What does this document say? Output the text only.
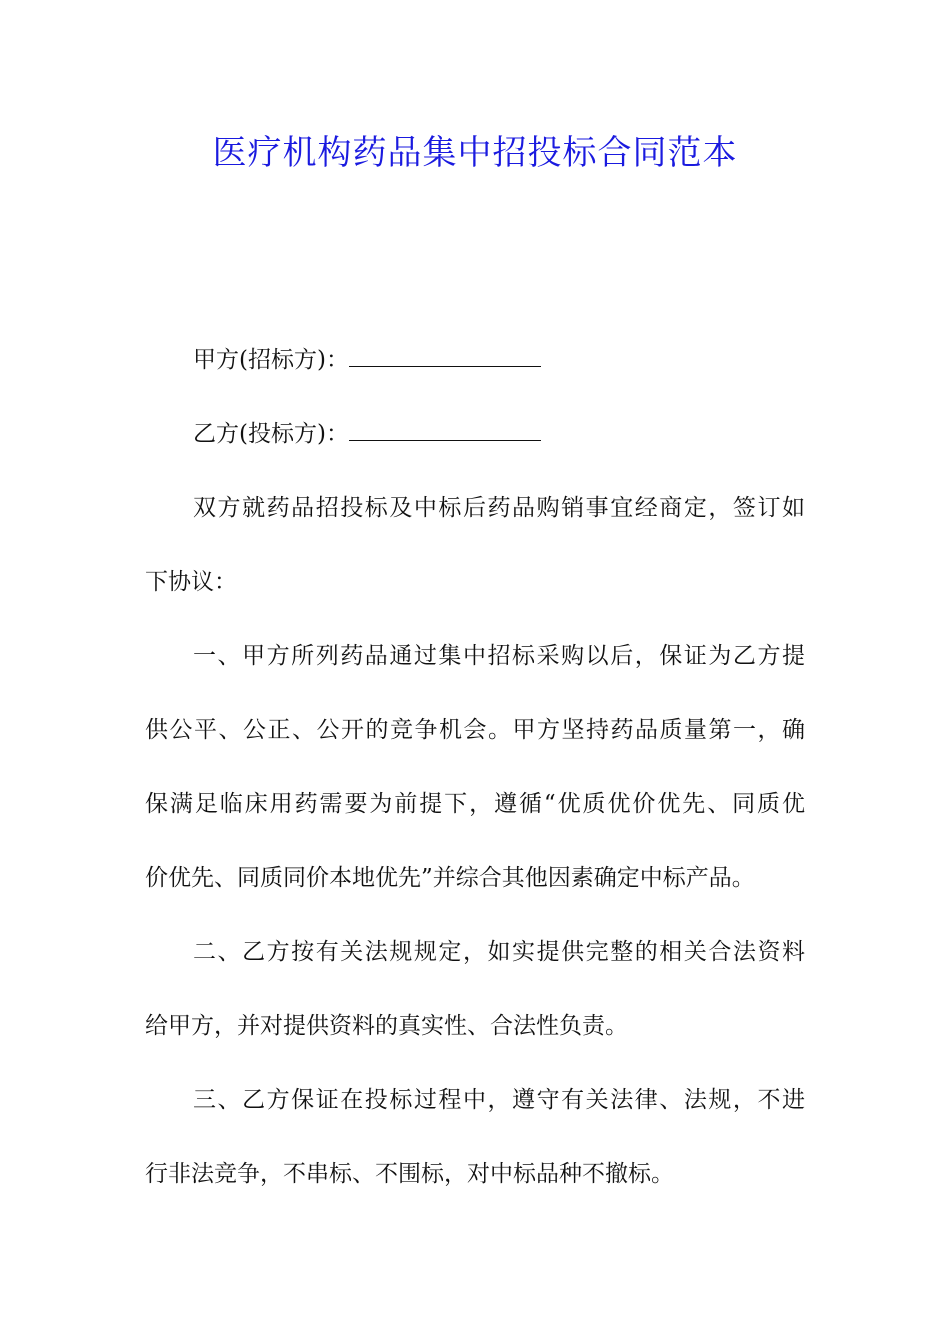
医疗机构药品集中招投标合同范本
甲方(招标方)：
乙方(投标方)：
双方就药品招投标及中标后药品购销事宜经商定，签订如
下协议：
一、甲方所列药品通过集中招标采购以后，保证为乙方提
供公平、公正、公开的竞争机会。甲方坚持药品质量第一，确
保满足临床用药需要为前提下，遵循“优质优价优先、同质优
价优先、同质同价本地优先”并综合其他因素确定中标产品。
二、乙方按有关法规规定，如实提供完整的相关合法资料
给甲方，并对提供资料的真实性、合法性负责。
三、乙方保证在投标过程中，遵守有关法律、法规，不进
行非法竞争，不串标、不围标，对中标品种不撤标。
